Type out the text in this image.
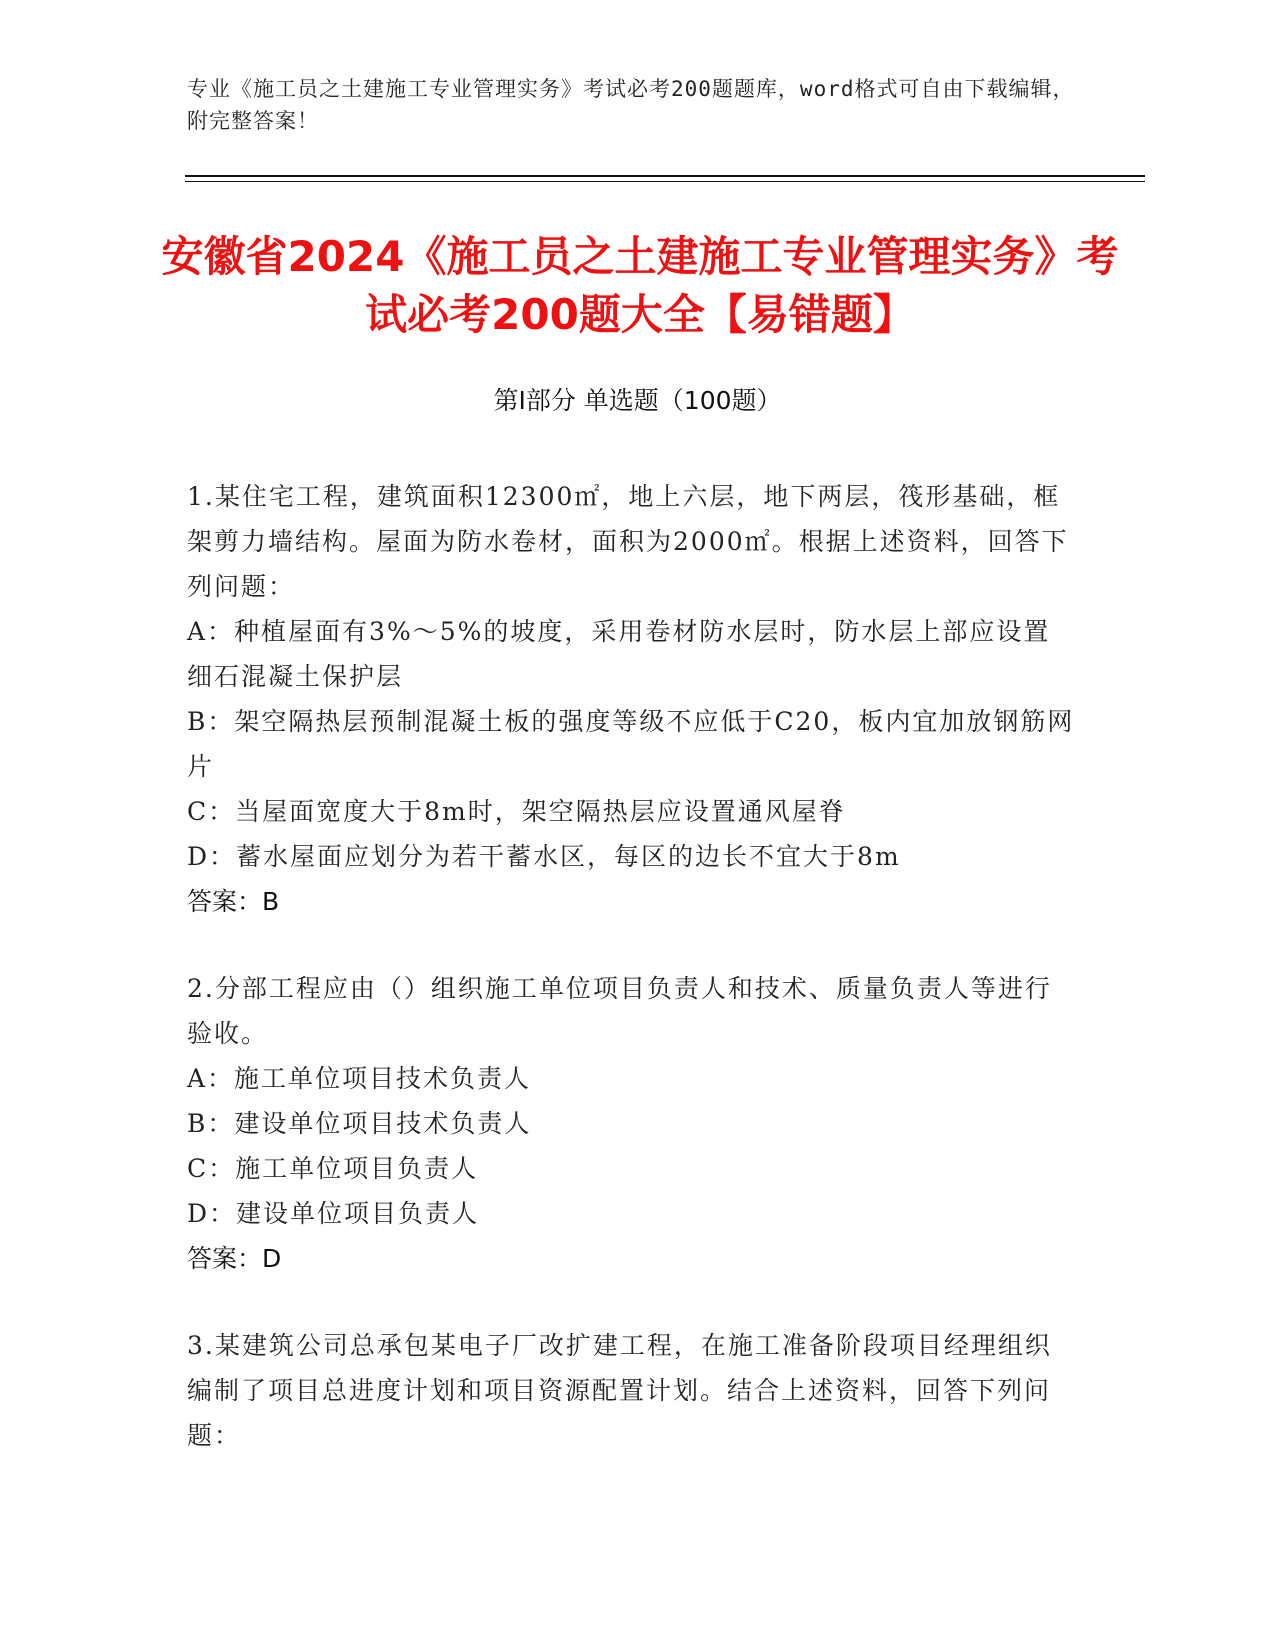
专业《施工员之土建施工专业管理实务》考试必考200题题库，word格式可自由下载编辑，附完整答案！
安徽省2024《施工员之土建施工专业管理实务》考试必考200题大全【易错题】
第Ⅰ部分 单选题（100题）

1.某住宅工程，建筑面积12300㎡，地上六层，地下两层，筏形基础，框架剪力墙结构。屋面为防水卷材，面积为2000㎡。根据上述资料，回答下列问题：

A：种植屋面有3%～5%的坡度，采用卷材防水层时，防水层上部应设置细石混凝土保护层

B：架空隔热层预制混凝土板的强度等级不应低于C20，板内宜加放钢筋网片

C：当屋面宽度大于8m时，架空隔热层应设置通风屋脊

D：蓄水屋面应划分为若干蓄水区，每区的边长不宜大于8m

答案：B

2.分部工程应由（）组织施工单位项目负责人和技术、质量负责人等进行验收。

A：施工单位项目技术负责人

B：建设单位项目技术负责人

C：施工单位项目负责人

D：建设单位项目负责人

答案：D

3.某建筑公司总承包某电子厂改扩建工程，在施工准备阶段项目经理组织编制了项目总进度计划和项目资源配置计划。结合上述资料，回答下列问题：
